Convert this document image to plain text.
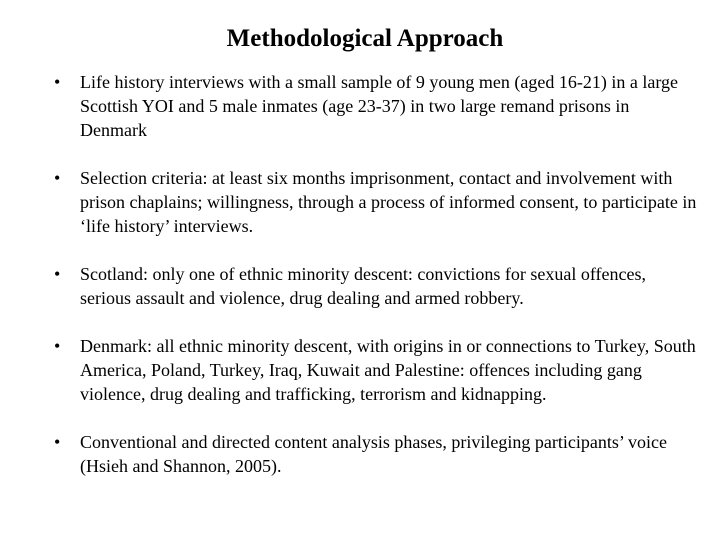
Methodological Approach
•	Life history interviews with a small sample of 9 young men (aged 16-21) in a large Scottish YOI and 5 male inmates (age 23-37) in two large remand prisons in Denmark
•	Selection criteria: at least six months imprisonment, contact and involvement with prison chaplains; willingness, through a process of informed consent, to participate in ‘life history’ interviews.
•	Scotland: only one of ethnic minority descent: convictions for sexual offences, serious assault and violence, drug dealing and armed robbery.
•	Denmark: all ethnic minority descent, with origins in or connections to Turkey, South America, Poland, Turkey, Iraq, Kuwait and Palestine: offences including gang violence, drug dealing and trafficking, terrorism and kidnapping.
•	Conventional and directed content analysis phases, privileging participants’ voice (Hsieh and Shannon, 2005).
